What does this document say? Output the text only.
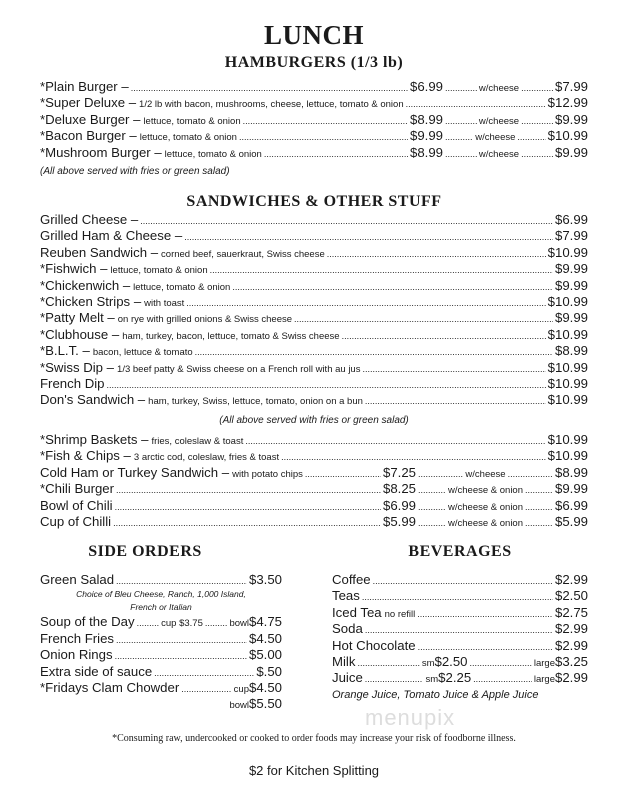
LUNCH
HAMBURGERS (1/3 lb)
*Plain Burger – .....	$6.99 .....	w/cheese .....	$7.99
*Super Deluxe – 1/2 lb with bacon, mushrooms, cheese, lettuce, tomato & onion .....	$12.99
*Deluxe Burger – lettuce, tomato & onion .....	$8.99 .....	w/cheese .....	$9.99
*Bacon Burger – lettuce, tomato & onion .....	$9.99 .....	w/cheese ..... $10.99
*Mushroom Burger – lettuce, tomato & onion .....	$8.99 .....	w/cheese .....	$9.99
(All above served with fries or green salad)
SANDWICHES & OTHER STUFF
Grilled Cheese – .....	$6.99
Grilled Ham & Cheese – .....	$7.99
Reuben Sandwich – corned beef, sauerkraut, Swiss cheese .....	$10.99
*Fishwich – lettuce, tomato & onion .....	$9.99
*Chickenwich – lettuce, tomato & onion .....	$9.99
*Chicken Strips – with toast .....	$10.99
*Patty Melt – on rye with grilled onions & Swiss cheese .....	$9.99
*Clubhouse – ham, turkey, bacon, lettuce, tomato & Swiss cheese .....	$10.99
*B.L.T. – bacon, lettuce & tomato .....	$8.99
*Swiss Dip – 1/3 beef patty & Swiss cheese on a French roll with au jus .....	$10.99
French Dip .....	$10.99
Don's Sandwich – ham, turkey, Swiss, lettuce, tomato, onion on a bun .....	$10.99
(All above served with fries or green salad)
*Shrimp Baskets – fries, coleslaw & toast .....	$10.99
*Fish & Chips – 3 arctic cod, coleslaw, fries & toast .....	$10.99
Cold Ham or Turkey Sandwich – with potato chips .....	$7.25 .....	w/cheese .....	$8.99
*Chili Burger .....	$8.25 .....	w/cheese & onion ..... $9.99
Bowl of Chili .....	$6.99 .....	w/cheese & onion ..... $6.99
Cup of Chilli .....	$5.99 .....	w/cheese & onion ..... $5.99
SIDE ORDERS
Green Salad .....	$3.50
Choice of Bleu Cheese, Ranch, 1,000 Island,
French or Italian
Soup of the Day .....	cup $3.75 .....	bowl $4.75
French Fries .....	$4.50
Onion Rings .....	$5.00
Extra side of sauce .....	$.50
*Fridays Clam Chowder .....	cup $4.50
bowl $5.50
BEVERAGES
Coffee .....	$2.99
Teas .....	$2.50
Iced Tea no refill .....	$2.75
Soda .....	$2.99
Hot Chocolate .....	$2.99
Milk .....	sm $2.50 .....	large $3.25
Juice .....	sm $2.25 .....	large $2.99
Orange Juice, Tomato Juice & Apple Juice
menupix
*Consuming raw, undercooked or cooked to order foods may increase your risk of foodborne illness.
$2 for Kitchen Splitting
